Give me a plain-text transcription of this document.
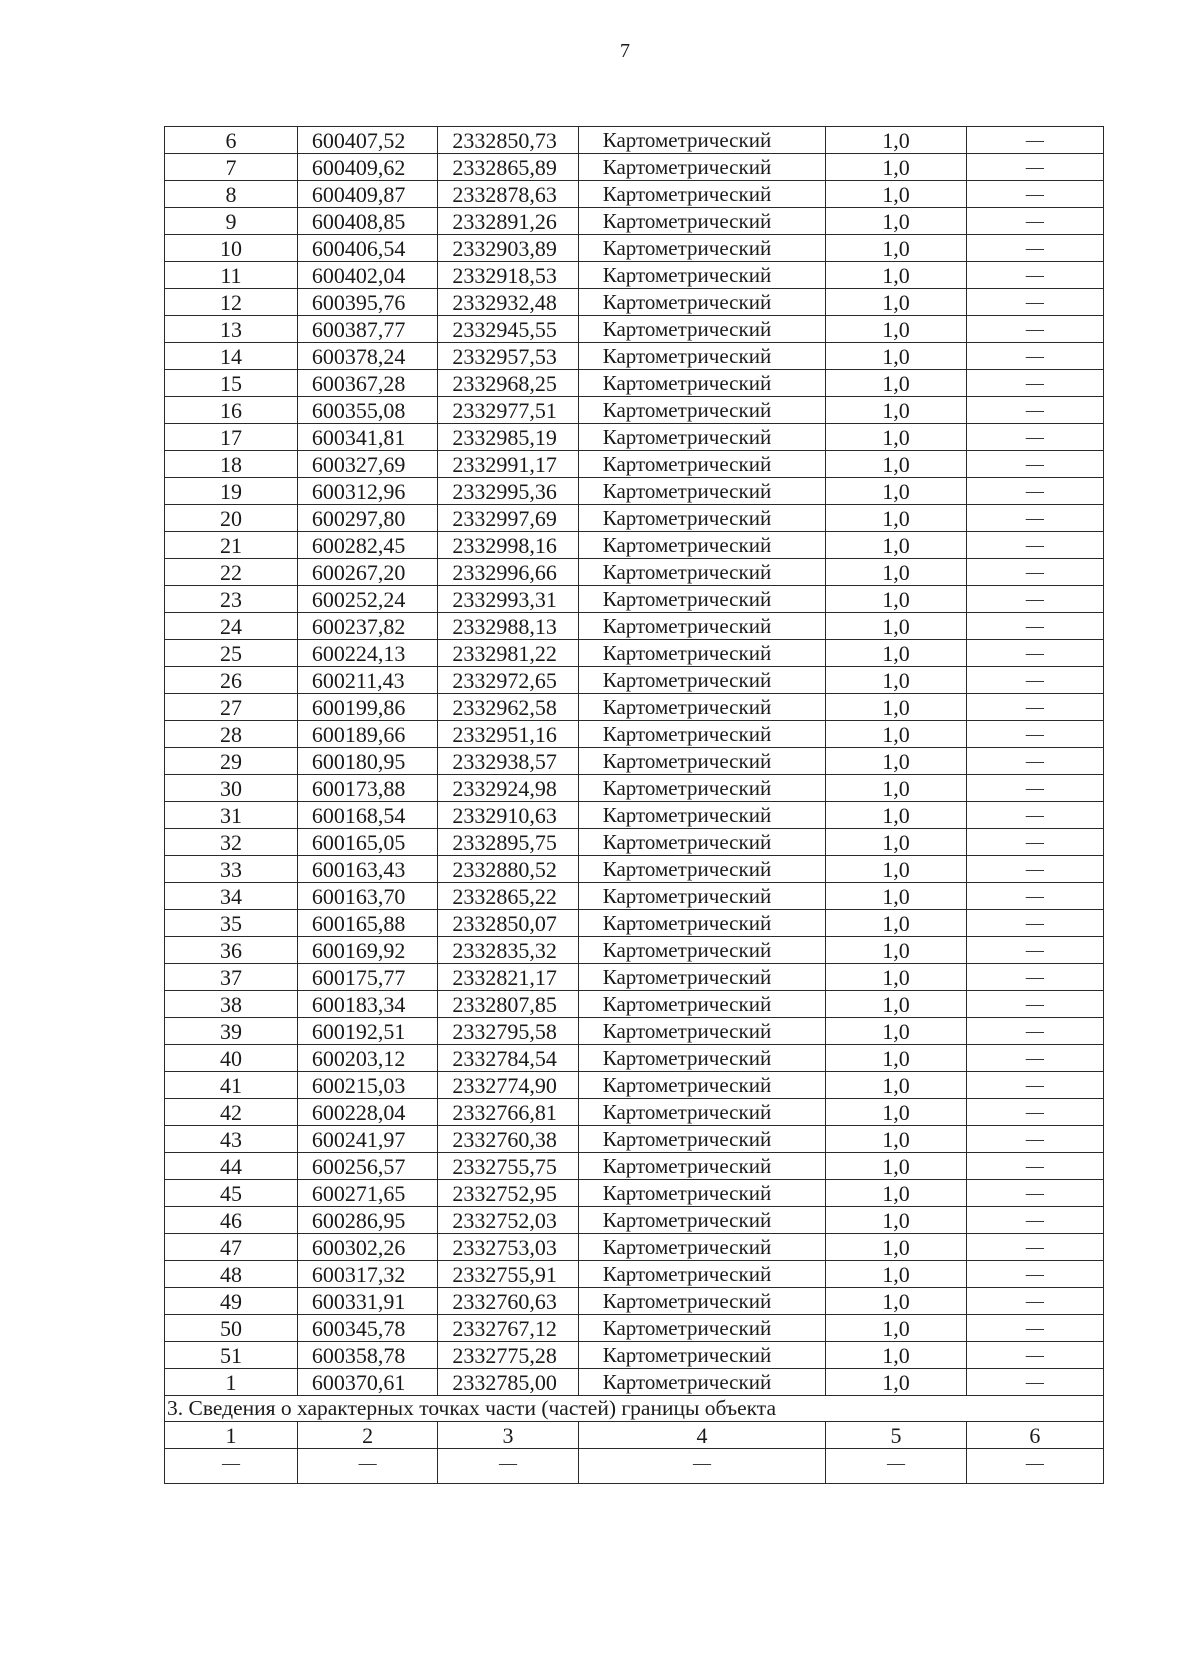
7
6	600407,52	2332850,73	Картометрический	1,0	—
7	600409,62	2332865,89	Картометрический	1,0	—
8	600409,87	2332878,63	Картометрический	1,0	—
9	600408,85	2332891,26	Картометрический	1,0	—
10	600406,54	2332903,89	Картометрический	1,0	—
11	600402,04	2332918,53	Картометрический	1,0	—
12	600395,76	2332932,48	Картометрический	1,0	—
13	600387,77	2332945,55	Картометрический	1,0	—
14	600378,24	2332957,53	Картометрический	1,0	—
15	600367,28	2332968,25	Картометрический	1,0	—
16	600355,08	2332977,51	Картометрический	1,0	—
17	600341,81	2332985,19	Картометрический	1,0	—
18	600327,69	2332991,17	Картометрический	1,0	—
19	600312,96	2332995,36	Картометрический	1,0	—
20	600297,80	2332997,69	Картометрический	1,0	—
21	600282,45	2332998,16	Картометрический	1,0	—
22	600267,20	2332996,66	Картометрический	1,0	—
23	600252,24	2332993,31	Картометрический	1,0	—
24	600237,82	2332988,13	Картометрический	1,0	—
25	600224,13	2332981,22	Картометрический	1,0	—
26	600211,43	2332972,65	Картометрический	1,0	—
27	600199,86	2332962,58	Картометрический	1,0	—
28	600189,66	2332951,16	Картометрический	1,0	—
29	600180,95	2332938,57	Картометрический	1,0	—
30	600173,88	2332924,98	Картометрический	1,0	—
31	600168,54	2332910,63	Картометрический	1,0	—
32	600165,05	2332895,75	Картометрический	1,0	—
33	600163,43	2332880,52	Картометрический	1,0	—
34	600163,70	2332865,22	Картометрический	1,0	—
35	600165,88	2332850,07	Картометрический	1,0	—
36	600169,92	2332835,32	Картометрический	1,0	—
37	600175,77	2332821,17	Картометрический	1,0	—
38	600183,34	2332807,85	Картометрический	1,0	—
39	600192,51	2332795,58	Картометрический	1,0	—
40	600203,12	2332784,54	Картометрический	1,0	—
41	600215,03	2332774,90	Картометрический	1,0	—
42	600228,04	2332766,81	Картометрический	1,0	—
43	600241,97	2332760,38	Картометрический	1,0	—
44	600256,57	2332755,75	Картометрический	1,0	—
45	600271,65	2332752,95	Картометрический	1,0	—
46	600286,95	2332752,03	Картометрический	1,0	—
47	600302,26	2332753,03	Картометрический	1,0	—
48	600317,32	2332755,91	Картометрический	1,0	—
49	600331,91	2332760,63	Картометрический	1,0	—
50	600345,78	2332767,12	Картометрический	1,0	—
51	600358,78	2332775,28	Картометрический	1,0	—
1	600370,61	2332785,00	Картометрический	1,0	—
3. Сведения о характерных точках части (частей) границы объекта					
1	2	3	4	5	6
—	—	—	—	—	—
